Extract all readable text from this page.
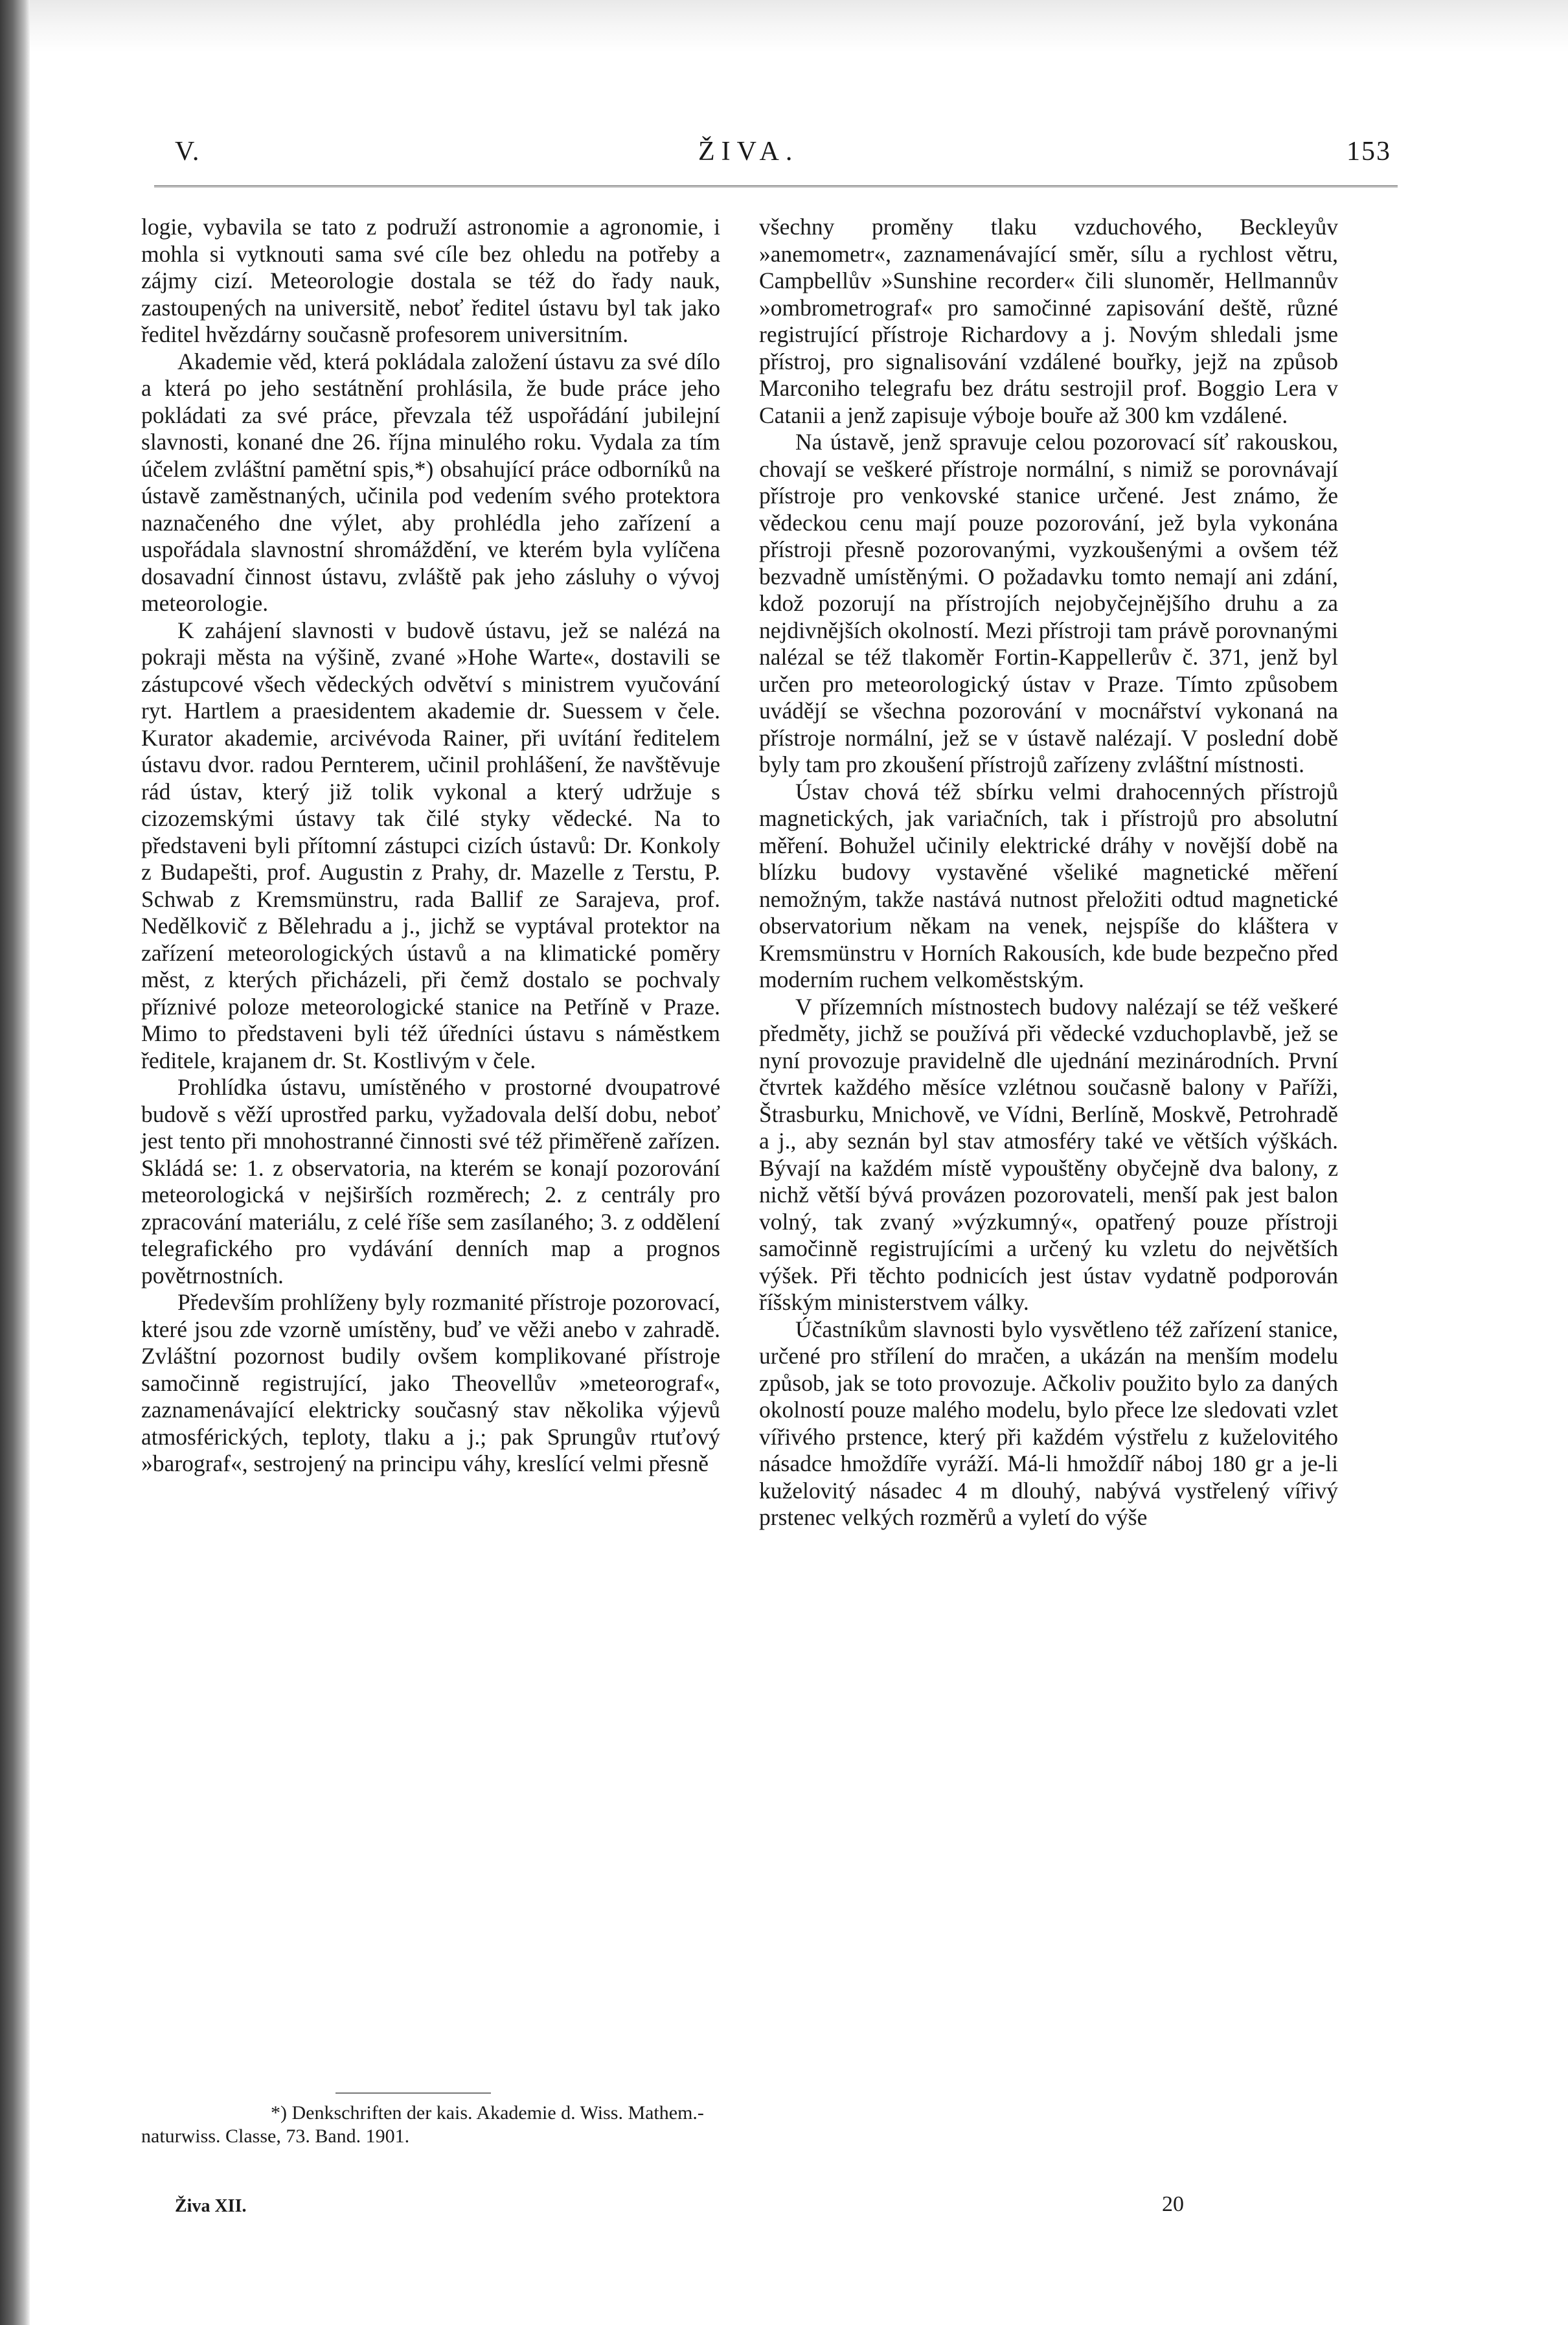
V.	ŽIVA.	153

logie, vybavila se tato z podruží astronomie a agronomie, i mohla si vytknouti sama své cíle bez ohledu na potřeby a zájmy cizí. Meteorologie dostala se též do řady nauk, zastoupených na universitě, neboť ředitel ústavu byl tak jako ředitel hvězdárny současně profesorem universitním.

Akademie věd, která pokládala založení ústavu za své dílo a která po jeho sestátnění prohlásila, že bude práce jeho pokládati za své práce, převzala též uspořádání jubilejní slavnosti, konané dne 26. října minulého roku. Vydala za tím účelem zvláštní pamětní spis,*) obsahující práce odborníků na ústavě zaměstnaných, učinila pod vedením svého protektora naznačeného dne výlet, aby prohlédla jeho zařízení a uspořádala slavnostní shromáždění, ve kterém byla vylíčena dosavadní činnost ústavu, zvláště pak jeho zásluhy o vývoj meteorologie.

K zahájení slavnosti v budově ústavu, jež se nalézá na pokraji města na výšině, zvané »Hohe Warte«, dostavili se zástupcové všech vědeckých odvětví s ministrem vyučování ryt. Hartlem a praesidentem akademie dr. Suessem v čele. Kurator akademie, arcivévoda Rainer, při uvítání ředitelem ústavu dvor. radou Pernterem, učinil prohlášení, že navštěvuje rád ústav, který již tolik vykonal a který udržuje s cizozemskými ústavy tak čilé styky vědecké. Na to představeni byli přítomní zástupci cizích ústavů: Dr. Konkoly z Budapešti, prof. Augustin z Prahy, dr. Mazelle z Terstu, P. Schwab z Kremsmünstru, rada Ballif ze Sarajeva, prof. Nedělkovič z Bělehradu a j., jichž se vyptával protektor na zařízení meteorologických ústavů a na klimatické poměry měst, z kterých přicházeli, při čemž dostalo se pochvaly příznivé poloze meteorologické stanice na Petříně v Praze. Mimo to představeni byli též úředníci ústavu s náměstkem ředitele, krajanem dr. St. Kostlivým v čele.

Prohlídka ústavu, umístěného v prostorné dvoupatrové budově s věží uprostřed parku, vyžadovala delší dobu, neboť jest tento při mnohostranné činnosti své též přiměřeně zařízen. Skládá se: 1. z observatoria, na kterém se konají pozorování meteorologická v nejširších rozměrech; 2. z centrály pro zpracování materiálu, z celé říše sem zasílaného; 3. z oddělení telegrafického pro vydávání denních map a prognos povětrnostních.

Především prohlíženy byly rozmanité přístroje pozorovací, které jsou zde vzorně umístěny, buď ve věži anebo v zahradě. Zvláštní pozornost budily ovšem komplikované přístroje samočinně registrující, jako Theovellův »meteorograf«, zaznamenávající elektricky současný stav několika výjevů atmosférických, teploty, tlaku a j.; pak Sprungův rtuťový »barograf«, sestrojený na principu váhy, kreslící velmi přesně

všechny proměny tlaku vzduchového, Beckleyův »anemometr«, zaznamenávající směr, sílu a rychlost větru, Campbellův »Sunshine recorder« čili slunoměr, Hellmannův »ombrometrograf« pro samočinné zapisování deště, různé registrující přístroje Richardovy a j. Novým shledali jsme přístroj, pro signalisování vzdálené bouřky, jejž na způsob Marconiho telegrafu bez drátu sestrojil prof. Boggio Lera v Catanii a jenž zapisuje výboje bouře až 300 km vzdálené.

Na ústavě, jenž spravuje celou pozorovací síť rakouskou, chovají se veškeré přístroje normální, s nimiž se porovnávají přístroje pro venkovské stanice určené. Jest známo, že vědeckou cenu mají pouze pozorování, jež byla vykonána přístroji přesně pozorovanými, vyzkoušenými a ovšem též bezvadně umístěnými. O požadavku tomto nemají ani zdání, kdož pozorují na přístrojích nejobyčejnějšího druhu a za nejdivnějších okolností. Mezi přístroji tam právě porovnanými nalézal se též tlakoměr Fortin-Kappellerův č. 371, jenž byl určen pro meteorologický ústav v Praze. Tímto způsobem uvádějí se všechna pozorování v mocnářství vykonaná na přístroje normální, jež se v ústavě nalézají. V poslední době byly tam pro zkoušení přístrojů zařízeny zvláštní místnosti.

Ústav chová též sbírku velmi drahocenných přístrojů magnetických, jak variačních, tak i přístrojů pro absolutní měření. Bohužel učinily elektrické dráhy v novější době na blízku budovy vystavěné všeliké magnetické měření nemožným, takže nastává nutnost přeložiti odtud magnetické observatorium někam na venek, nejspíše do kláštera v Kremsmünstru v Horních Rakousích, kde bude bezpečno před moderním ruchem velkoměstským.

V přízemních místnostech budovy nalézají se též veškeré předměty, jichž se používá při vědecké vzduchoplavbě, jež se nyní provozuje pravidelně dle ujednání mezinárodních. První čtvrtek každého měsíce vzlétnou současně balony v Paříži, Štrasburku, Mnichově, ve Vídni, Berlíně, Moskvě, Petrohradě a j., aby seznán byl stav atmosféry také ve větších výškách. Bývají na každém místě vypouštěny obyčejně dva balony, z nichž větší bývá provázen pozorovateli, menší pak jest balon volný, tak zvaný »výzkumný«, opatřený pouze přístroji samočinně registrujícími a určený ku vzletu do největších výšek. Při těchto podnicích jest ústav vydatně podporován říšským ministerstvem války.

Účastníkům slavnosti bylo vysvětleno též zařízení stanice, určené pro střílení do mračen, a ukázán na menším modelu způsob, jak se toto provozuje. Ačkoliv použito bylo za daných okolností pouze malého modelu, bylo přece lze sledovati vzlet vířivého prstence, který při každém výstřelu z kuželovitého násadce hmoždíře vyráží. Má-li hmoždíř náboj 180 gr a je-li kuželovitý násadec 4 m dlouhý, nabývá vystřelený vířivý prstenec velkých rozměrů a vyletí do výše

*) Denkschriften der kais. Akademie d. Wiss. Mathem.-naturwiss. Classe, 73. Band. 1901.

Živa XII.	20
